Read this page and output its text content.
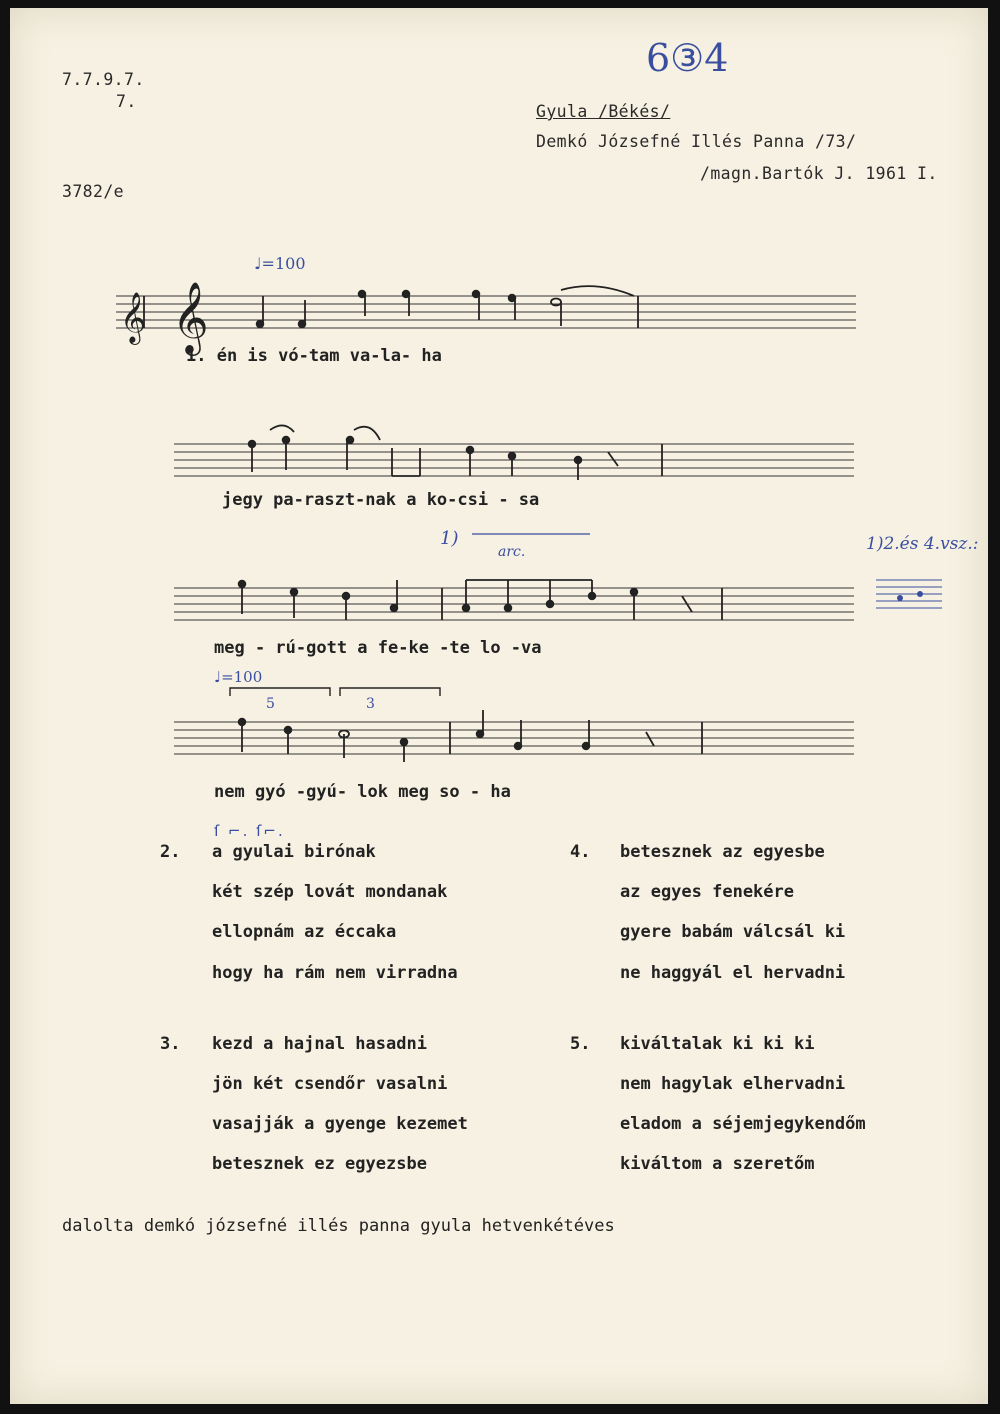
7.7.9.7.
7.
3782/e
6③4
Gyula /Békés/
Demkó Józsefné Illés Panna /73/
/magn.Bartók J. 1961 I.
♩=100
𝄞 𝄞
1. én is vó-tam va-la- ha
jegy pa-raszt-nak a ko-csi - sa
1)
arc.	1)2.és 4.vsz.:
meg - rú-gott a fe-ke -te lo -va
♩=100
5	3
nem gyó -gyú- lok meg so - ha
ſ ⌐. ſ⌐.
2. a gyulai birónak
két szép lovát mondanak
ellopnám az éccaka
hogy ha rám nem virradna
3. kezd a hajnal hasadni
jön két csendőr vasalni
vasajják a gyenge kezemet
betesznek ez egyezsbe
4. betesznek az egyesbe
az egyes fenekére
gyere babám válcsál ki
ne haggyál el hervadni
5. kiváltalak ki ki ki
nem hagylak elhervadni
eladom a séjemjegykendőm
kiváltom a szeretőm
dalolta demkó józsefné illés panna gyula hetvenkétéves
